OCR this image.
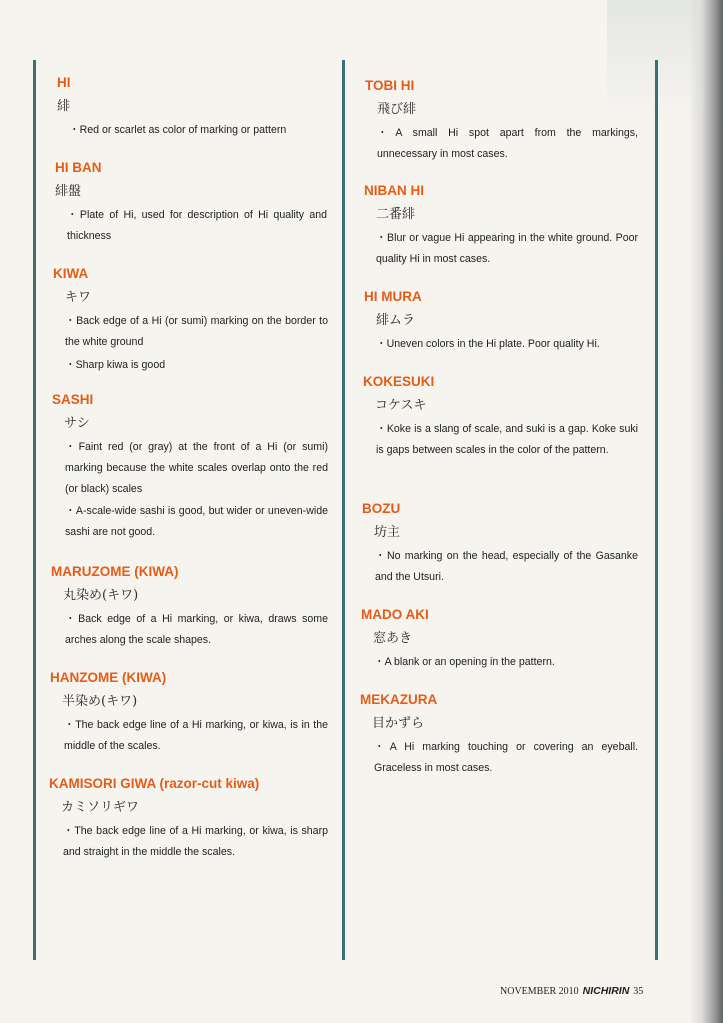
HI
緋
・Red or scarlet as color of marking or pattern
HI BAN
緋盤
・Plate of Hi, used for description of Hi quality and thickness
KIWA
キワ
・Back edge of a Hi (or sumi) marking on the border to the white ground
・Sharp kiwa is good
SASHI
サシ
・Faint red (or gray) at the front of a Hi (or sumi) marking because the white scales overlap onto the red (or black) scales
・A-scale-wide sashi is good, but wider or uneven-wide sashi are not good.
MARUZOME (KIWA)
丸染め(キワ)
・Back edge of a Hi marking, or kiwa, draws some arches along the scale shapes.
HANZOME (KIWA)
半染め(キワ)
・The back edge line of a Hi marking, or kiwa, is in the middle of the scales.
KAMISORI GIWA (razor-cut kiwa)
カミソリギワ
・The back edge line of a Hi marking, or kiwa, is sharp and straight in the middle the scales.
TOBI HI
飛び緋
・A small Hi spot apart from the markings, unnecessary in most cases.
NIBAN HI
二番緋
・Blur or vague Hi appearing in the white ground. Poor quality Hi in most cases.
HI MURA
緋ムラ
・Uneven colors in the Hi plate. Poor quality Hi.
KOKESUKI
コケスキ
・Koke is a slang of scale, and suki is a gap. Koke suki is gaps between scales in the color of the pattern.
BOZU
坊主
・No marking on the head, especially of the Gasanke and the Utsuri.
MADO AKI
窓あき
・A blank or an opening in the pattern.
MEKAZURA
目かずら
・A Hi marking touching or covering an eyeball. Graceless in most cases.
NOVEMBER 2010 NICHIRIN 35
